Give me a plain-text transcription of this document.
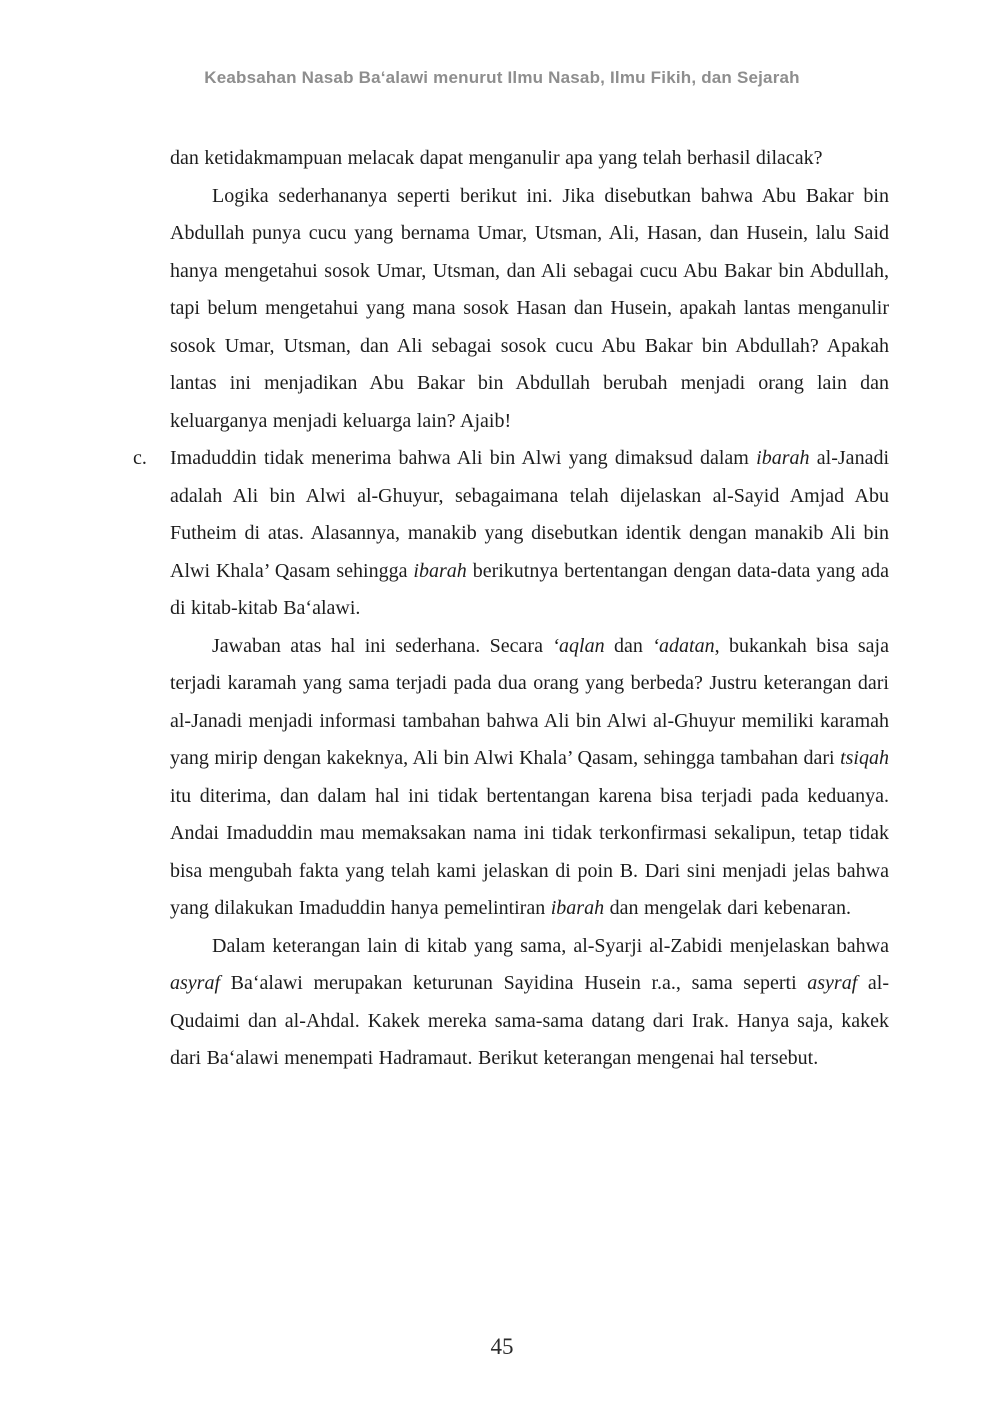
Keabsahan Nasab Ba‘alawi menurut Ilmu Nasab, Ilmu Fikih, dan Sejarah

dan ketidakmampuan melacak dapat menganulir apa yang telah berhasil dilacak?

Logika sederhananya seperti berikut ini. Jika disebutkan bahwa Abu Bakar bin Abdullah punya cucu yang bernama Umar, Utsman, Ali, Hasan, dan Husein, lalu Said hanya mengetahui sosok Umar, Utsman, dan Ali sebagai cucu Abu Bakar bin Abdullah, tapi belum mengetahui yang mana sosok Hasan dan Husein, apakah lantas menganulir sosok Umar, Utsman, dan Ali sebagai sosok cucu Abu Bakar bin Abdullah? Apakah lantas ini menjadikan Abu Bakar bin Abdullah berubah menjadi orang lain dan keluarganya menjadi keluarga lain? Ajaib!

c. Imaduddin tidak menerima bahwa Ali bin Alwi yang dimaksud dalam ibarah al-Janadi adalah Ali bin Alwi al-Ghuyur, sebagaimana telah dijelaskan al-Sayid Amjad Abu Futheim di atas. Alasannya, manakib yang disebutkan identik dengan manakib Ali bin Alwi Khala’ Qasam sehingga ibarah berikutnya bertentangan dengan data-data yang ada di kitab-kitab Ba‘alawi.

Jawaban atas hal ini sederhana. Secara ‘aqlan dan ‘adatan, bukankah bisa saja terjadi karamah yang sama terjadi pada dua orang yang berbeda? Justru keterangan dari al-Janadi menjadi informasi tambahan bahwa Ali bin Alwi al-Ghuyur memiliki karamah yang mirip dengan kakeknya, Ali bin Alwi Khala’ Qasam, sehingga tambahan dari tsiqah itu diterima, dan dalam hal ini tidak bertentangan karena bisa terjadi pada keduanya. Andai Imaduddin mau memaksakan nama ini tidak terkonfirmasi sekalipun, tetap tidak bisa mengubah fakta yang telah kami jelaskan di poin B. Dari sini menjadi jelas bahwa yang dilakukan Imaduddin hanya pemelintiran ibarah dan mengelak dari kebenaran.

Dalam keterangan lain di kitab yang sama, al-Syarji al-Zabidi menjelaskan bahwa asyraf Ba‘alawi merupakan keturunan Sayidina Husein r.a., sama seperti asyraf al-Qudaimi dan al-Ahdal. Kakek mereka sama-sama datang dari Irak. Hanya saja, kakek dari Ba‘alawi menempati Hadramaut. Berikut keterangan mengenai hal tersebut.

45
